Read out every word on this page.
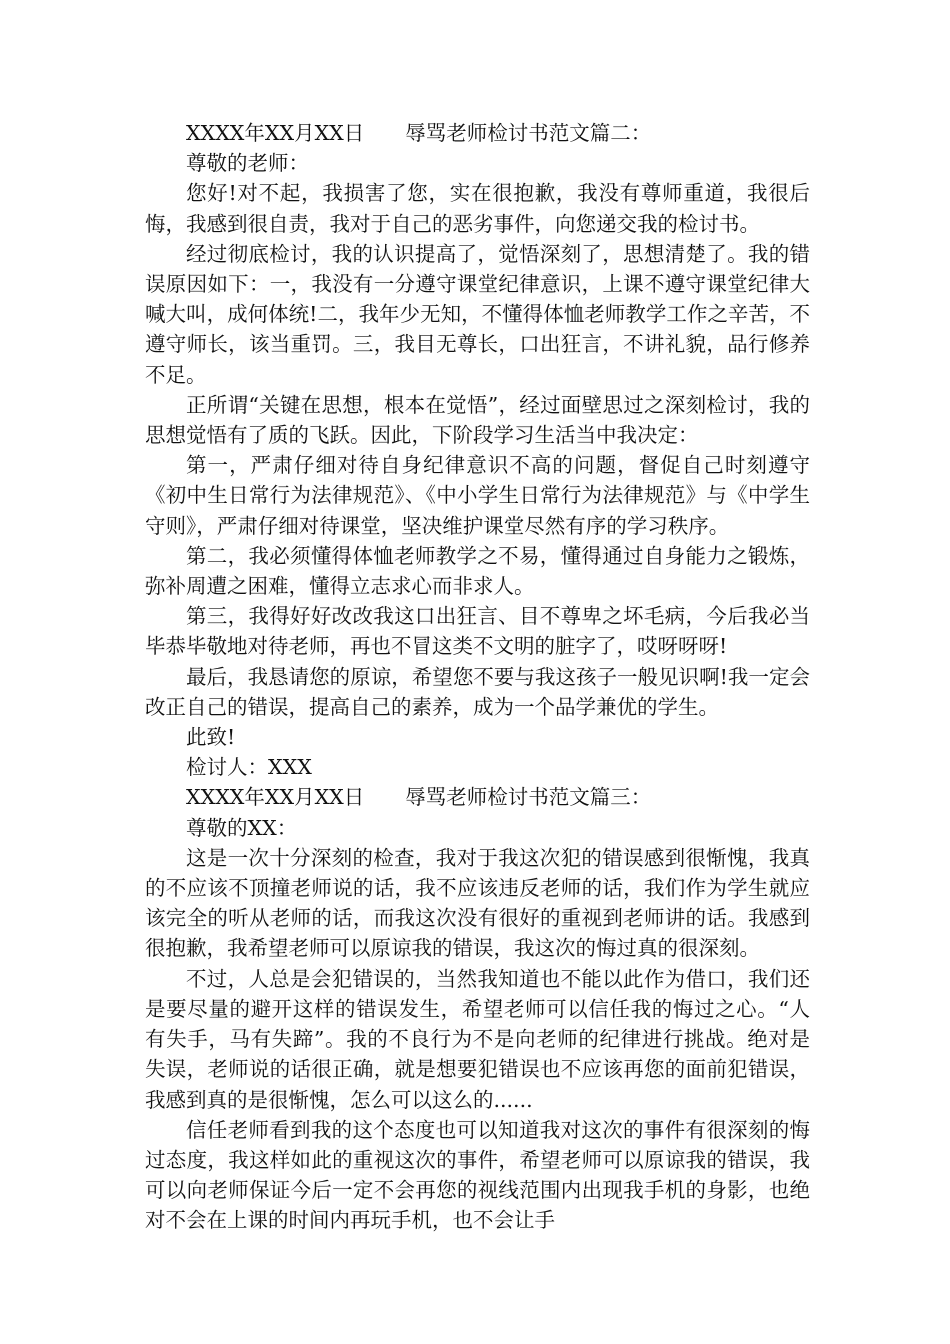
XXXX年XX月XX日　　辱骂老师检讨书范文篇二：

尊敬的老师：

您好!对不起，我损害了您，实在很抱歉，我没有尊师重道，我很后悔，我感到很自责，我对于自己的恶劣事件，向您递交我的检讨书。

经过彻底检讨，我的认识提高了，觉悟深刻了，思想清楚了。我的错误原因如下：一，我没有一分遵守课堂纪律意识，上课不遵守课堂纪律大喊大叫，成何体统!二，我年少无知，不懂得体恤老师教学工作之辛苦，不遵守师长，该当重罚。三，我目无尊长，口出狂言，不讲礼貌，品行修养不足。

正所谓“关键在思想，根本在觉悟”，经过面壁思过之深刻检讨，我的思想觉悟有了质的飞跃。因此，下阶段学习生活当中我决定：

第一，严肃仔细对待自身纪律意识不高的问题，督促自己时刻遵守《初中生日常行为法律规范》、《中小学生日常行为法律规范》与《中学生守则》，严肃仔细对待课堂，坚决维护课堂尽然有序的学习秩序。

第二，我必须懂得体恤老师教学之不易，懂得通过自身能力之锻炼，弥补周遭之困难，懂得立志求心而非求人。

第三，我得好好改改我这口出狂言、目不尊卑之坏毛病，今后我必当毕恭毕敬地对待老师，再也不冒这类不文明的脏字了，哎呀呀呀!

最后，我恳请您的原谅，希望您不要与我这孩子一般见识啊!我一定会改正自己的错误，提高自己的素养，成为一个品学兼优的学生。

此致!

检讨人：XXX

XXXX年XX月XX日　　辱骂老师检讨书范文篇三：

尊敬的XX：

这是一次十分深刻的检查，我对于我这次犯的错误感到很惭愧，我真的不应该不顶撞老师说的话，我不应该违反老师的话，我们作为学生就应该完全的听从老师的话，而我这次没有很好的重视到老师讲的话。我感到很抱歉，我希望老师可以原谅我的错误，我这次的悔过真的很深刻。

不过，人总是会犯错误的，当然我知道也不能以此作为借口，我们还是要尽量的避开这样的错误发生，希望老师可以信任我的悔过之心。“人有失手，马有失蹄”。我的不良行为不是向老师的纪律进行挑战。绝对是失误，老师说的话很正确，就是想要犯错误也不应该再您的面前犯错误，我感到真的是很惭愧，怎么可以这么的......

信任老师看到我的这个态度也可以知道我对这次的事件有很深刻的悔过态度，我这样如此的重视这次的事件，希望老师可以原谅我的错误，我可以向老师保证今后一定不会再您的视线范围内出现我手机的身影，也绝对不会在上课的时间内再玩手机，也不会让手
